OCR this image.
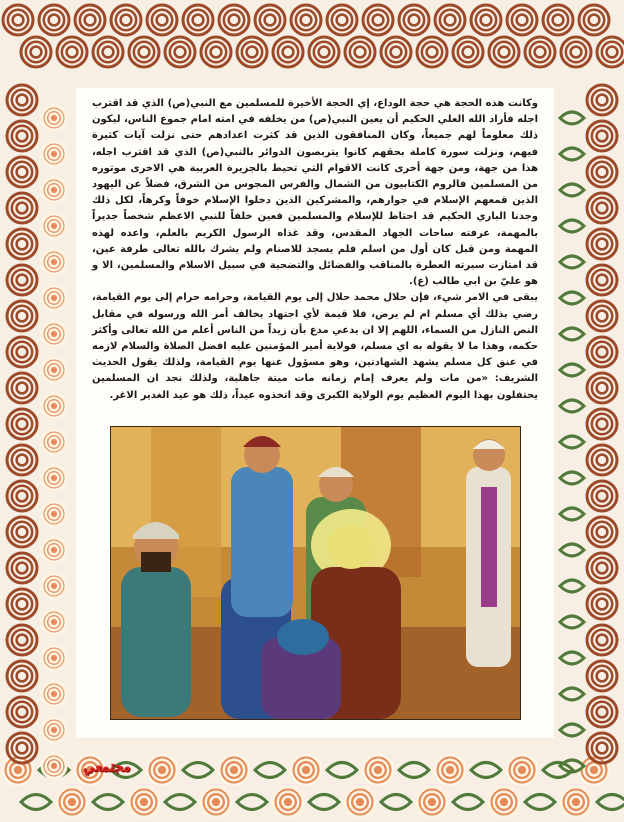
وكانت هذه الحجة هي حجة الوداع، إي الحجة الأخيرة للمسلمين مع النبي(ص) الذي قد اقترب اجله فأراد الله العلي الحكيم أن يعين النبي(ص) من يخلفه في امته امام جموع الناس، ليكون ذلك معلوماً لهم جميعاً، وكان المنافقون الذين قد كثرت اعدادهم حتى نزلت آيات كثيرة فيهم، ونزلت سورة كاملة بحقهم كانوا يتربصون الدوائر بالنبي(ص) الذي قد اقترب اجله، هذا من جهة، ومن جهة أخرى كانت الاقوام التي تحيط بالجزيرة العربية هي الاخرى موتوره من المسلمين فالروم الكتابيون من الشمال والفرس المجوس من الشرق، فضلاً عن اليهود الذين قمعهم الإسلام في جوارهم، والمشركين الذين دخلوا الإسلام خوفاً وكرهاً، لكل ذلك وجدنا الباري الحكيم قد احتاط للإسلام والمسلمين فعين خلفاً للنبي الاعظم شخصاً جديراً بالمهمة، عرفته ساحات الجهاد المقدس، وقد غذاه الرسول الكريم بالعلم، واعده لهذه المهمة ومن قبل كان أول من اسلم فلم يسجد للاصنام ولم يشرك بالله تعالى طرفة عين، قد امتازت سيرته العطرة بالمناقب والفضائل والتضحية في سبيل الاسلام والمسلمين، الا و هو عليّ بن ابي طالب (ع).

يبقى في الامر شيء، فإن حلال محمد حلال إلى يوم القيامة، وحرامه حرام إلى يوم القيامة، رضي بذلك أي مسلم ام لم يرض، فلا قيمة لأي اجتهاد يخالف أمر الله ورسوله في مقابل النص النازل من السماء، اللهم إلا ان يدعي مدع بأن زيداً من الناس أعلم من الله تعالى وأكثر حكمه، وهذا ما لا يقوله به اي مسلم، فولاية أمير المؤمنين عليه افضل الصلاة والسلام لازمه في عنق كل مسلم يشهد الشهادتين، وهو مسؤول عنها يوم القيامة، ولذلك يقول الحديث الشريف: «من مات ولم يعرف إمام زمانه مات ميتة جاهلية، ولذلك نجد ان المسلمين يحتفلون بهذا اليوم العظيم يوم الولاية الكبرى وقد اتخذوه عيداً، ذلك هو عيد الغدير الاغر.

مجتمعي
